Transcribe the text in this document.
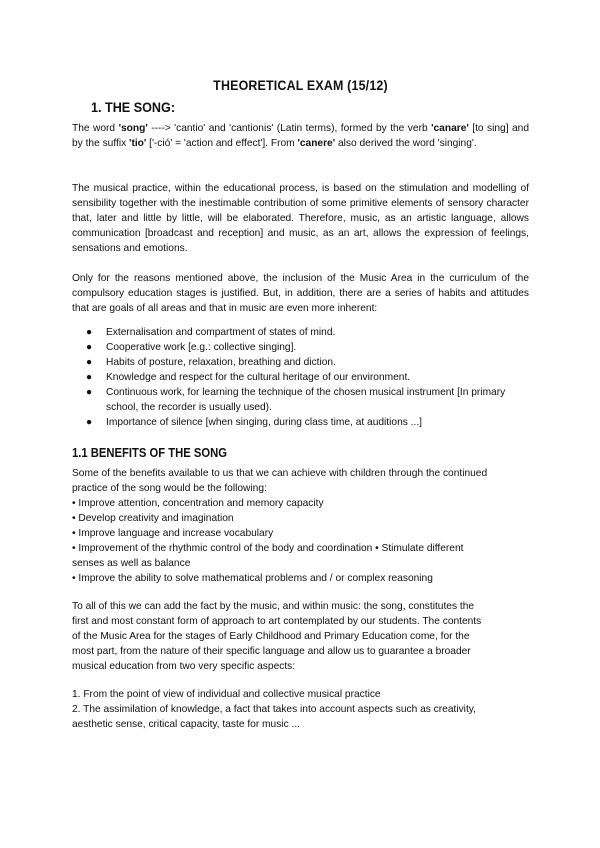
THEORETICAL EXAM (15/12)
1. THE SONG:
The word 'song' ----> 'cantio' and 'cantionis' (Latin terms), formed by the verb 'canare' [to sing] and by the suffix 'tio' ['-ció' = 'action and effect']. From 'canere' also derived the word 'singing'.
The musical practice, within the educational process, is based on the stimulation and modelling of sensibility together with the inestimable contribution of some primitive elements of sensory character that, later and little by little, will be elaborated. Therefore, music, as an artistic language, allows communication [broadcast and reception] and music, as an art, allows the expression of feelings, sensations and emotions.
Only for the reasons mentioned above, the inclusion of the Music Area in the curriculum of the compulsory education stages is justified. But, in addition, there are a series of habits and attitudes that are goals of all areas and that in music are even more inherent:
● Externalisation and compartment of states of mind.
● Cooperative work [e.g.: collective singing].
● Habits of posture, relaxation, breathing and diction.
● Knowledge and respect for the cultural heritage of our environment.
● Continuous work, for learning the technique of the chosen musical instrument [In primary school, the recorder is usually used).
● Importance of silence [when singing, during class time, at auditions ...]
1.1 BENEFITS OF THE SONG
Some of the benefits available to us that we can achieve with children through the continued
practice of the song would be the following:
• Improve attention, concentration and memory capacity
• Develop creativity and imagination
• Improve language and increase vocabulary
• Improvement of the rhythmic control of the body and coordination • Stimulate different
senses as well as balance
• Improve the ability to solve mathematical problems and / or complex reasoning
To all of this we can add the fact by the music, and within music: the song, constitutes the
first and most constant form of approach to art contemplated by our students. The contents
of the Music Area for the stages of Early Childhood and Primary Education come, for the
most part, from the nature of their specific language and allow us to guarantee a broader
musical education from two very specific aspects:
1. From the point of view of individual and collective musical practice
2. The assimilation of knowledge, a fact that takes into account aspects such as creativity,
aesthetic sense, critical capacity, taste for music ...
